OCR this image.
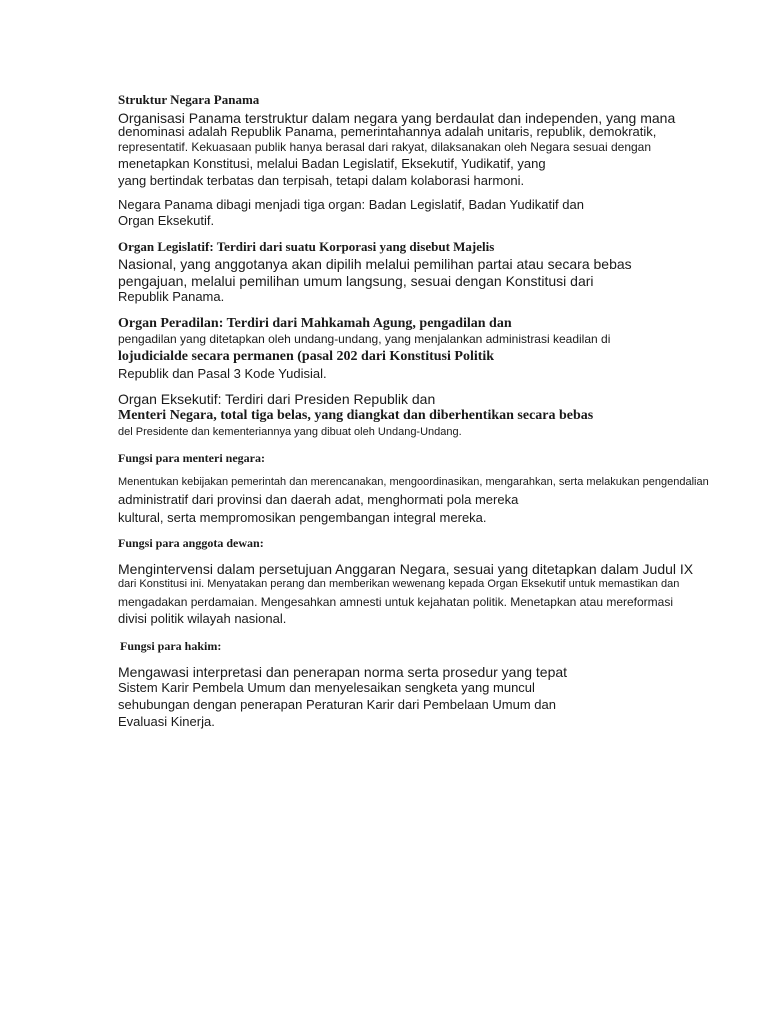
Struktur Negara Panama
Organisasi Panama terstruktur dalam negara yang berdaulat dan independen, yang mana
denominasi adalah Republik Panama, pemerintahannya adalah unitaris, republik, demokratik,
representatif. Kekuasaan publik hanya berasal dari rakyat, dilaksanakan oleh Negara sesuai dengan
menetapkan Konstitusi, melalui Badan Legislatif, Eksekutif, Yudikatif, yang
yang bertindak terbatas dan terpisah, tetapi dalam kolaborasi harmoni.
Negara Panama dibagi menjadi tiga organ: Badan Legislatif, Badan Yudikatif dan
Organ Eksekutif.
Organ Legislatif: Terdiri dari suatu Korporasi yang disebut Majelis
Nasional, yang anggotanya akan dipilih melalui pemilihan partai atau secara bebas
pengajuan, melalui pemilihan umum langsung, sesuai dengan Konstitusi dari
Republik Panama.
Organ Peradilan: Terdiri dari Mahkamah Agung, pengadilan dan
pengadilan yang ditetapkan oleh undang-undang, yang menjalankan administrasi keadilan di
lojudicialde secara permanen (pasal 202 dari Konstitusi Politik
Republik dan Pasal 3 Kode Yudisial.
Organ Eksekutif: Terdiri dari Presiden Republik dan
Menteri Negara, total tiga belas, yang diangkat dan diberhentikan secara bebas
del Presidente dan kementeriannya yang dibuat oleh Undang-Undang.
Fungsi para menteri negara:
Menentukan kebijakan pemerintah dan merencanakan, mengoordinasikan, mengarahkan, serta melakukan pengendalian
administratif dari provinsi dan daerah adat, menghormati pola mereka
kultural, serta mempromosikan pengembangan integral mereka.
Fungsi para anggota dewan:
Mengintervensi dalam persetujuan Anggaran Negara, sesuai yang ditetapkan dalam Judul IX
dari Konstitusi ini. Menyatakan perang dan memberikan wewenang kepada Organ Eksekutif untuk memastikan dan
mengadakan perdamaian. Mengesahkan amnesti untuk kejahatan politik. Menetapkan atau mereformasi
divisi politik wilayah nasional.
Fungsi para hakim:
Mengawasi interpretasi dan penerapan norma serta prosedur yang tepat
Sistem Karir Pembela Umum dan menyelesaikan sengketa yang muncul
sehubungan dengan penerapan Peraturan Karir dari Pembelaan Umum dan
Evaluasi Kinerja.
